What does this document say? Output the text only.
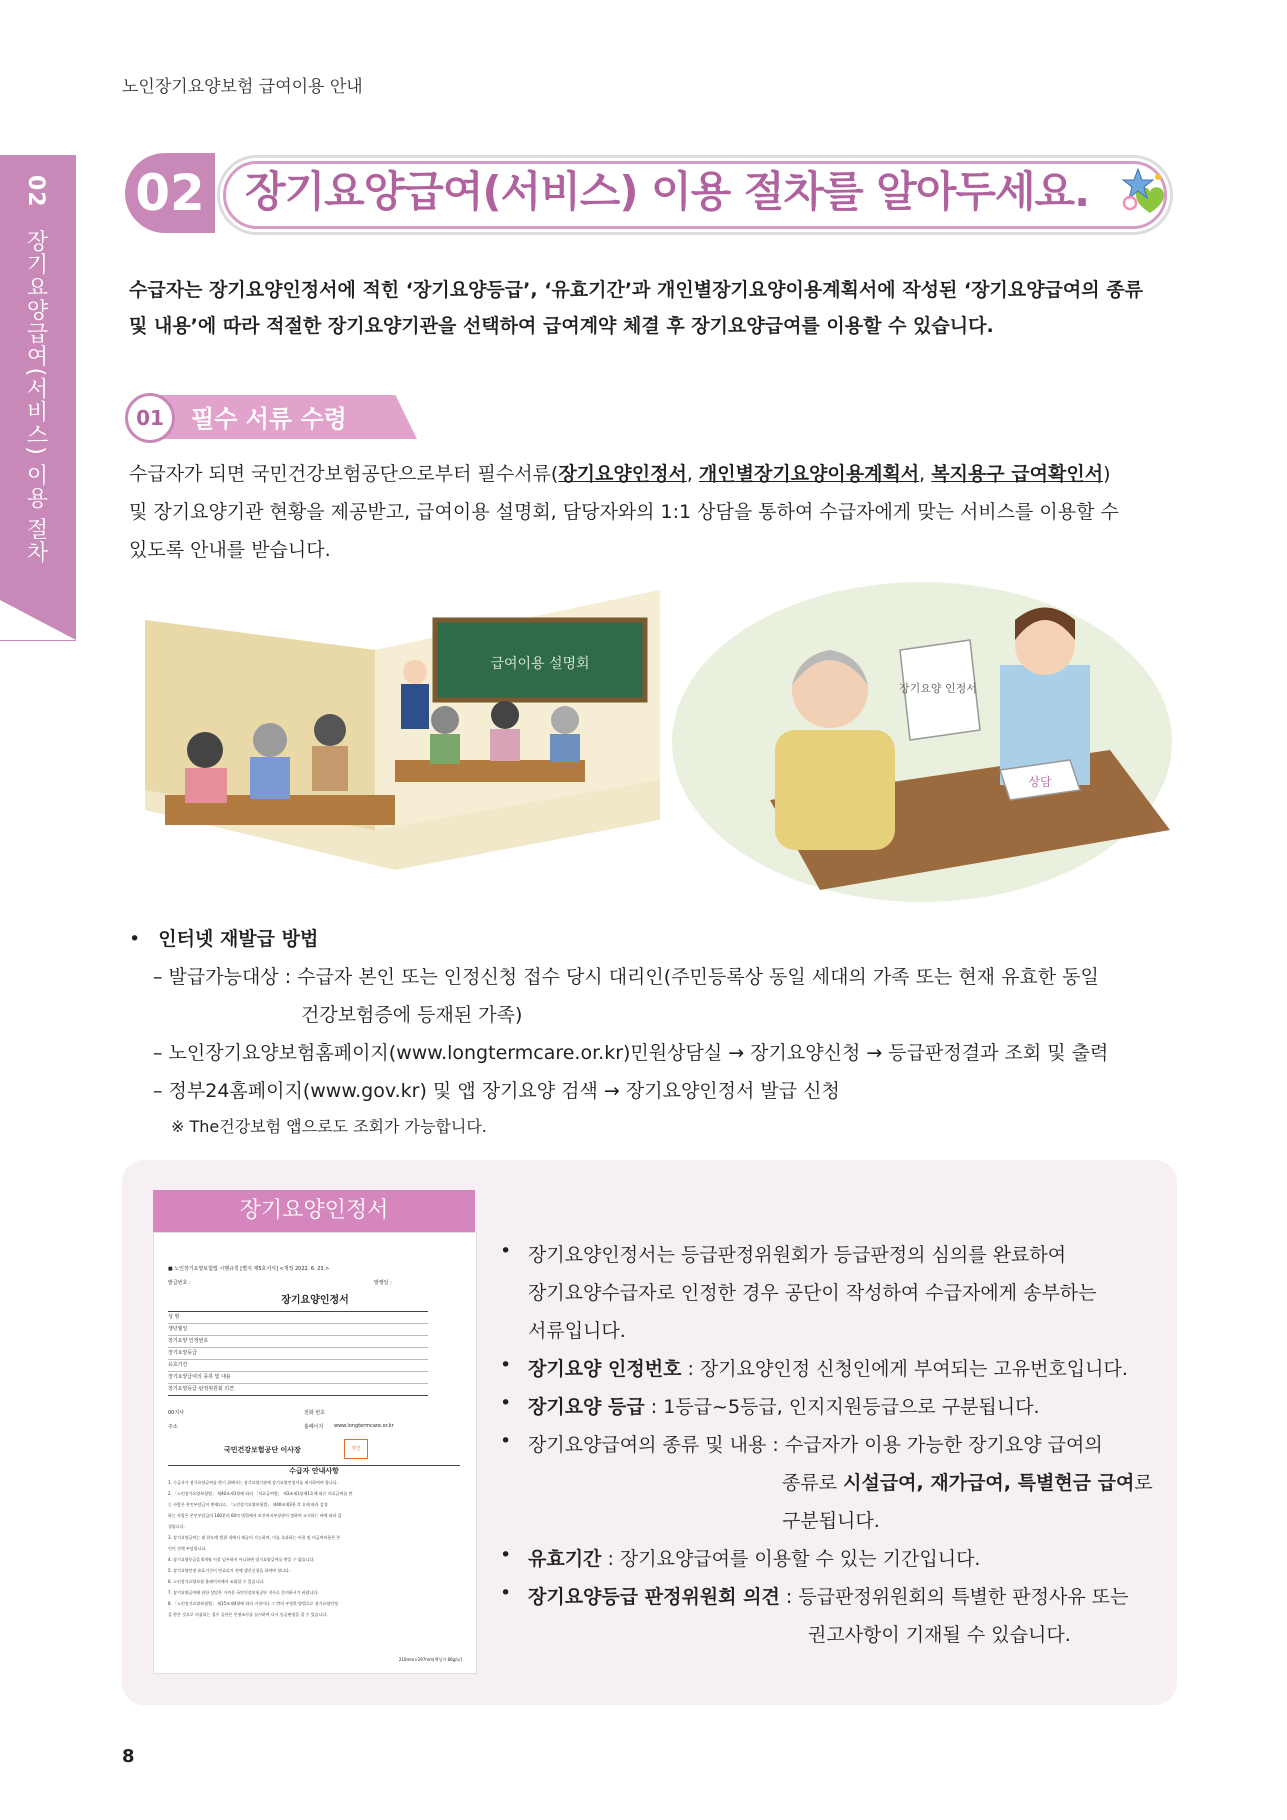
노인장기요양보험 급여이용 안내
02 장기요양급여(서비스) 이용 절차
02 장기요양급여(서비스) 이용 절차를 알아두세요.
수급자는 장기요양인정서에 적힌 ‘장기요양등급’, ‘유효기간’과 개인별장기요양이용계획서에 작성된 ‘장기요양급여의 종류
및 내용’에 따라 적절한 장기요양기관을 선택하여 급여계약 체결 후 장기요양급여를 이용할 수 있습니다.
01	필수 서류 수령
수급자가 되면 국민건강보험공단으로부터 필수서류(장기요양인정서, 개인별장기요양이용계획서, 복지용구 급여확인서)
및 장기요양기관 현황을 제공받고, 급여이용 설명회, 담당자와의 1:1 상담을 통하여 수급자에게 맞는 서비스를 이용할 수
있도록 안내를 받습니다.
급여이용 설명회
장기요양 인정서
상담
• 인터넷 재발급 방법
– 발급가능대상 : 수급자 본인 또는 인정신청 접수 당시 대리인(주민등록상 동일 세대의 가족 또는 현재 유효한 동일
건강보험증에 등재된 가족)
– 노인장기요양보험홈페이지(www.longtermcare.or.kr)민원상담실 → 장기요양신청 → 등급판정결과 조회 및 출력
– 정부24홈페이지(www.gov.kr) 및 앱 장기요양 검색 → 장기요양인정서 발급 신청
※ The건강보험 앱으로도 조회가 가능합니다.
장기요양인정서
■ 노인장기요양보험법 시행규칙 [별지 제5호서식] <개정 2022. 6. 23.>
발급번호 :	발행일 :
장기요양인정서
성 명
생년월일
장기요양 인정번호
장기요양등급
유효기간
장기요양급여의 종류 및 내용
장기요양등급 판정위원회 의견
00지사	전화 번호
주소	홈페이지 www.longtermcare.or.kr
국민건강보험공단 이사장	직인
수급자 안내사항
1. 수급자가 장기요양급여를 받기 위해서는 장기요양기관에 장기요양인정서를 제시하여야 합니다.
2. 「노인장기요양보험법」 제40조제1항에 따라 「의료급여법」 제3조제1항제1호에 따른 의료급여를 받
는 사람은 본인부담금이 면제되고, 「노인장기요양보험법」 제40조제3항 각 호에 따라 감경
하는 사람은 본인부담금의 100분의 60의 범위에서 보건복지부장관이 정하여 고시하는 바에 따라 감
경됩니다.
3. 장기요양급여는 월 한도액 범위 내에서 제공이 가능하며, 이를 초과하는 비용 및 비급여비용은 본
인이 전액 부담합니다.
4. 장기요양등급을 6개월 이상 넘부하지 아니하면 장기요양급여를 받을 수 없습니다.
5. 장기요양인정 유효기간이 만료되기 전에 갱신신청을 하여야 합니다.
6. 노인장기요양보험 홈페이지에서 조회할 수 있습니다.
7. 장기요양급여에 관한 상담은 가까운 국민건강보험공단 지사로 문의하시기 바랍니다.
8. 「노인장기요양보험법」 제15조제4항에 따라 거짓이나 그 밖의 부정한 방법으로 장기요양인정
을 받은 것으로 의심되는 경우 공단은 인정조사를 실시하여 다시 등급판정을 할 수 있습니다.
210mm×297mm[백상지 80g/㎡]
• 장기요양인정서는 등급판정위원회가 등급판정의 심의를 완료하여
장기요양수급자로 인정한 경우 공단이 작성하여 수급자에게 송부하는
서류입니다.
• 장기요양 인정번호 : 장기요양인정 신청인에게 부여되는 고유번호입니다.
• 장기요양 등급 : 1등급~5등급, 인지지원등급으로 구분됩니다.
• 장기요양급여의 종류 및 내용 : 수급자가 이용 가능한 장기요양 급여의
종류로 시설급여, 재가급여, 특별현금 급여로
구분됩니다.
• 유효기간 : 장기요양급여를 이용할 수 있는 기간입니다.
• 장기요양등급 판정위원회 의견 : 등급판정위원회의 특별한 판정사유 또는
권고사항이 기재될 수 있습니다.
8
